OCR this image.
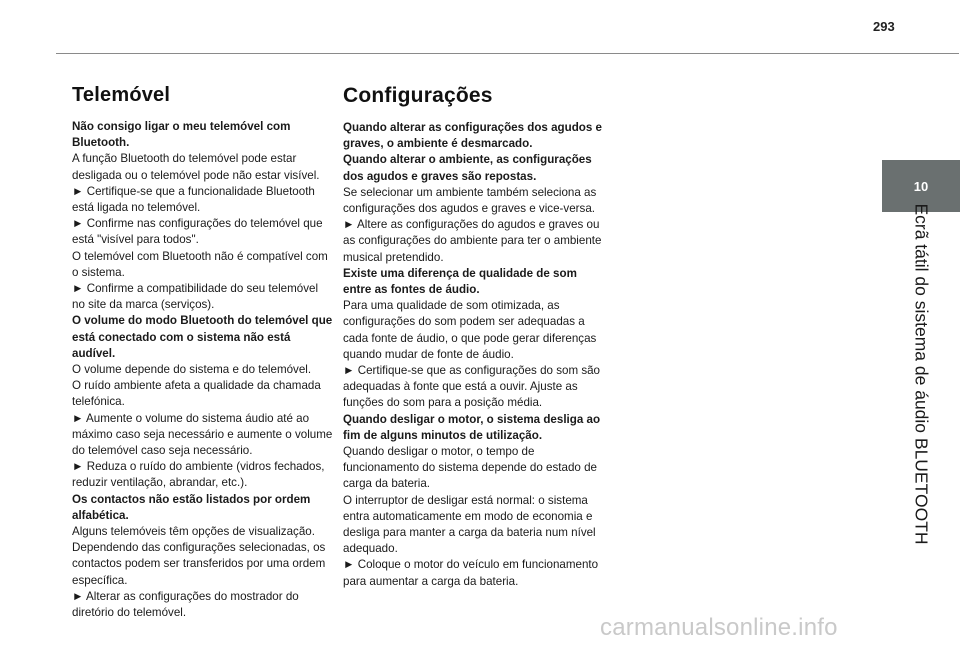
293
10
Ecrã tátil do sistema de áudio BLUETOOTH
Telemóvel

Não consigo ligar o meu telemóvel com Bluetooth.

A função Bluetooth do telemóvel pode estar desligada ou o telemóvel pode não estar visível.

► Certifique-se que a funcionalidade Bluetooth está ligada no telemóvel.

► Confirme nas configurações do telemóvel que está "visível para todos".

O telemóvel com Bluetooth não é compatível com o sistema.

► Confirme a compatibilidade do seu telemóvel no site da marca (serviços).

O volume do modo Bluetooth do telemóvel que está conectado com o sistema não está audível.

O volume depende do sistema e do telemóvel.

O ruído ambiente afeta a qualidade da chamada telefónica.

► Aumente o volume do sistema áudio até ao máximo caso seja necessário e aumente o volume do telemóvel caso seja necessário.

► Reduza o ruído do ambiente (vidros fechados, reduzir ventilação, abrandar, etc.).

Os contactos não estão listados por ordem alfabética.

Alguns telemóveis têm opções de visualização. Dependendo das configurações selecionadas, os contactos podem ser transferidos por uma ordem específica.

► Alterar as configurações do mostrador do diretório do telemóvel.

Configurações

Quando alterar as configurações dos agudos e graves, o ambiente é desmarcado.

Quando alterar o ambiente, as configurações dos agudos e graves são repostas.

Se selecionar um ambiente também seleciona as configurações dos agudos e graves e vice-versa.

► Altere as configurações do agudos e graves ou as configurações do ambiente para ter o ambiente musical pretendido.

Existe uma diferença de qualidade de som entre as fontes de áudio.

Para uma qualidade de som otimizada, as configurações do som podem ser adequadas a cada fonte de áudio, o que pode gerar diferenças quando mudar de fonte de áudio.

► Certifique-se que as configurações do som são adequadas à fonte que está a ouvir. Ajuste as funções do som para a posição média.

Quando desligar o motor, o sistema desliga ao fim de alguns minutos de utilização.

Quando desligar o motor, o tempo de funcionamento do sistema depende do estado de carga da bateria.

O interruptor de desligar está normal: o sistema entra automaticamente em modo de economia e desliga para manter a carga da bateria num nível adequado.

► Coloque o motor do veículo em funcionamento para aumentar a carga da bateria.

carmanualsonline.info
